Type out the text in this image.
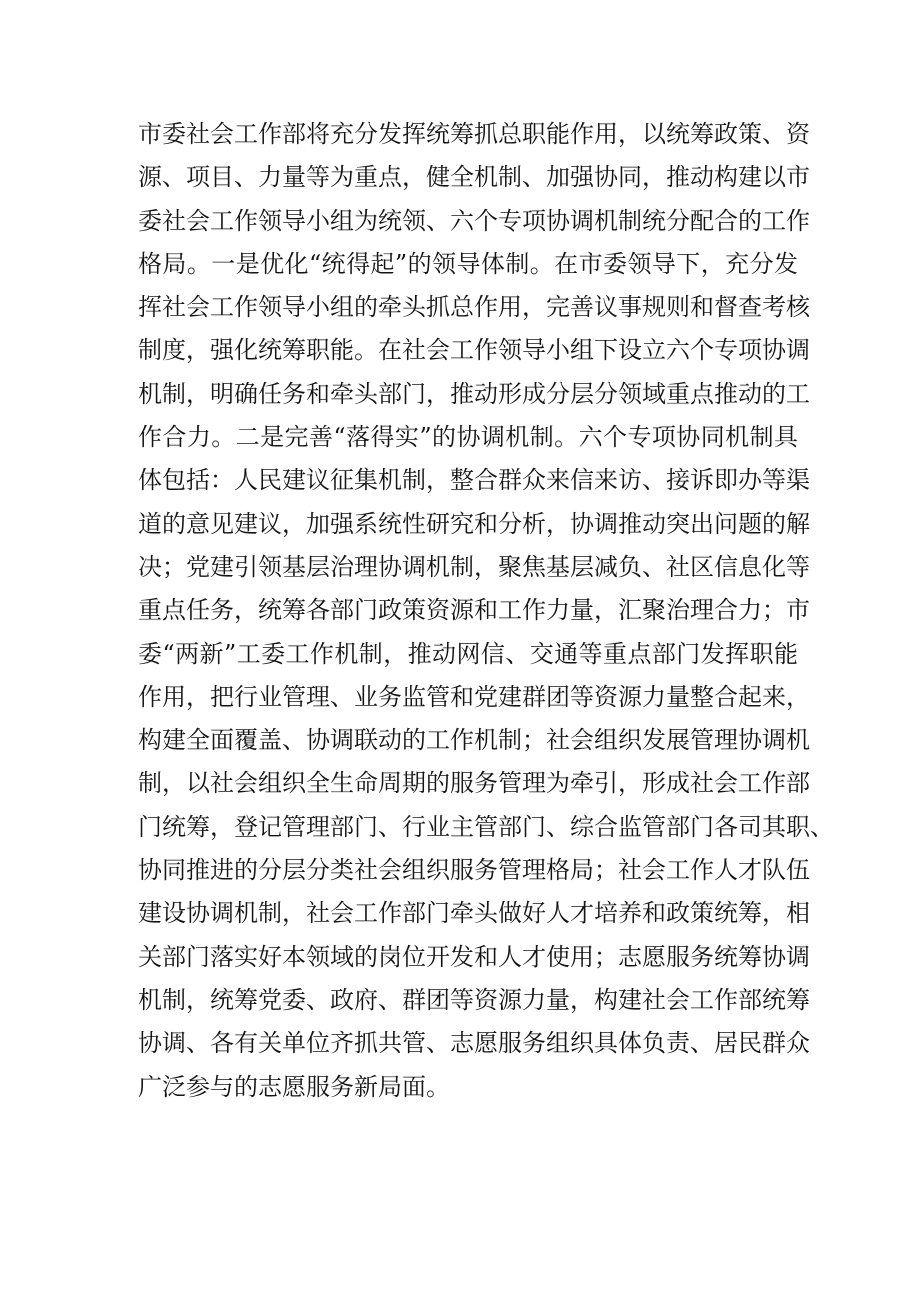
市委社会工作部将充分发挥统筹抓总职能作用，以统筹政策、资
源、项目、力量等为重点，健全机制、加强协同，推动构建以市
委社会工作领导小组为统领、六个专项协调机制统分配合的工作
格局。一是优化“统得起”的领导体制。在市委领导下，充分发
挥社会工作领导小组的牵头抓总作用，完善议事规则和督查考核
制度，强化统筹职能。在社会工作领导小组下设立六个专项协调
机制，明确任务和牵头部门，推动形成分层分领域重点推动的工
作合力。二是完善“落得实”的协调机制。六个专项协同机制具
体包括：人民建议征集机制，整合群众来信来访、接诉即办等渠
道的意见建议，加强系统性研究和分析，协调推动突出问题的解
决；党建引领基层治理协调机制，聚焦基层减负、社区信息化等
重点任务，统筹各部门政策资源和工作力量，汇聚治理合力；市
委“两新”工委工作机制，推动网信、交通等重点部门发挥职能
作用，把行业管理、业务监管和党建群团等资源力量整合起来，
构建全面覆盖、协调联动的工作机制；社会组织发展管理协调机
制，以社会组织全生命周期的服务管理为牵引，形成社会工作部
门统筹，登记管理部门、行业主管部门、综合监管部门各司其职、
协同推进的分层分类社会组织服务管理格局；社会工作人才队伍
建设协调机制，社会工作部门牵头做好人才培养和政策统筹，相
关部门落实好本领域的岗位开发和人才使用；志愿服务统筹协调
机制，统筹党委、政府、群团等资源力量，构建社会工作部统筹
协调、各有关单位齐抓共管、志愿服务组织具体负责、居民群众
广泛参与的志愿服务新局面。
